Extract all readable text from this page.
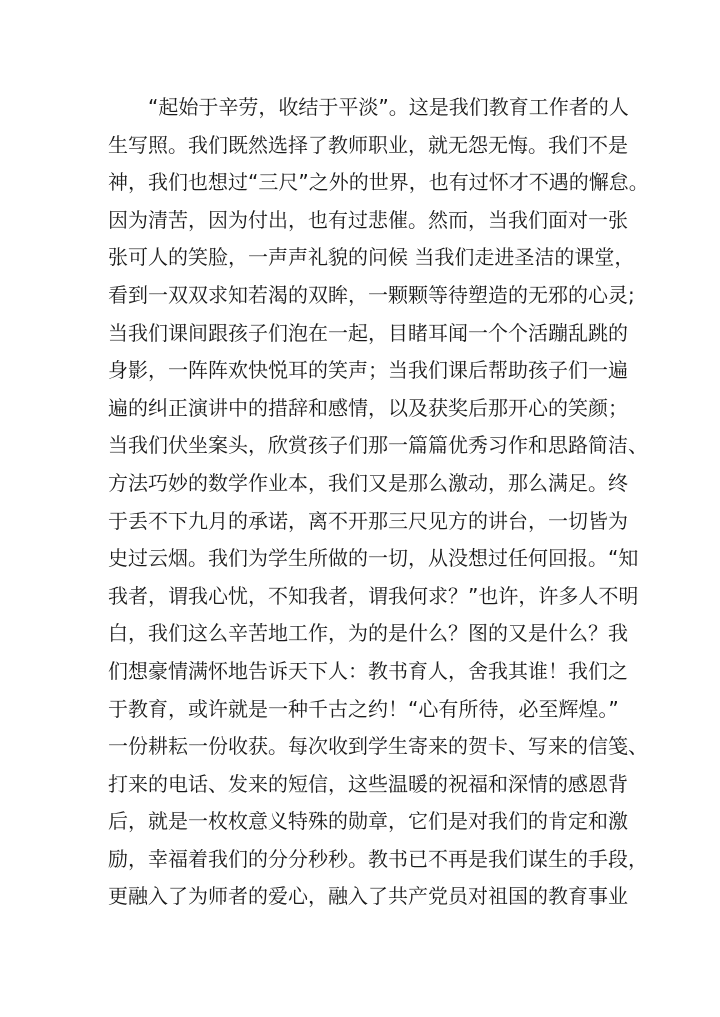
“起始于辛劳，收结于平淡”。这是我们教育工作者的人
生写照。我们既然选择了教师职业，就无怨无悔。我们不是
神，我们也想过“三尺”之外的世界，也有过怀才不遇的懈怠。
因为清苦，因为付出，也有过悲催。然而，当我们面对一张
张可人的笑脸，一声声礼貌的问候 当我们走进圣洁的课堂，
看到一双双求知若渴的双眸，一颗颗等待塑造的无邪的心灵;
当我们课间跟孩子们泡在一起，目睹耳闻一个个活蹦乱跳的
身影，一阵阵欢快悦耳的笑声；当我们课后帮助孩子们一遍
遍的纠正演讲中的措辞和感情，以及获奖后那开心的笑颜；
当我们伏坐案头，欣赏孩子们那一篇篇优秀习作和思路简洁、
方法巧妙的数学作业本，我们又是那么激动，那么满足。终
于丢不下九月的承诺，离不开那三尺见方的讲台，一切皆为
史过云烟。我们为学生所做的一切，从没想过任何回报。“知
我者，谓我心忧，不知我者，谓我何求？”也许，许多人不明
白，我们这么辛苦地工作，为的是什么？图的又是什么？我
们想豪情满怀地告诉天下人：教书育人，舍我其谁！我们之
于教育，或许就是一种千古之约！“心有所待，必至辉煌。”
一份耕耘一份收获。每次收到学生寄来的贺卡、写来的信笺、
打来的电话、发来的短信，这些温暖的祝福和深情的感恩背
后，就是一枚枚意义特殊的勋章，它们是对我们的肯定和激
励，幸福着我们的分分秒秒。教书已不再是我们谋生的手段，
更融入了为师者的爱心，融入了共产党员对祖国的教育事业
